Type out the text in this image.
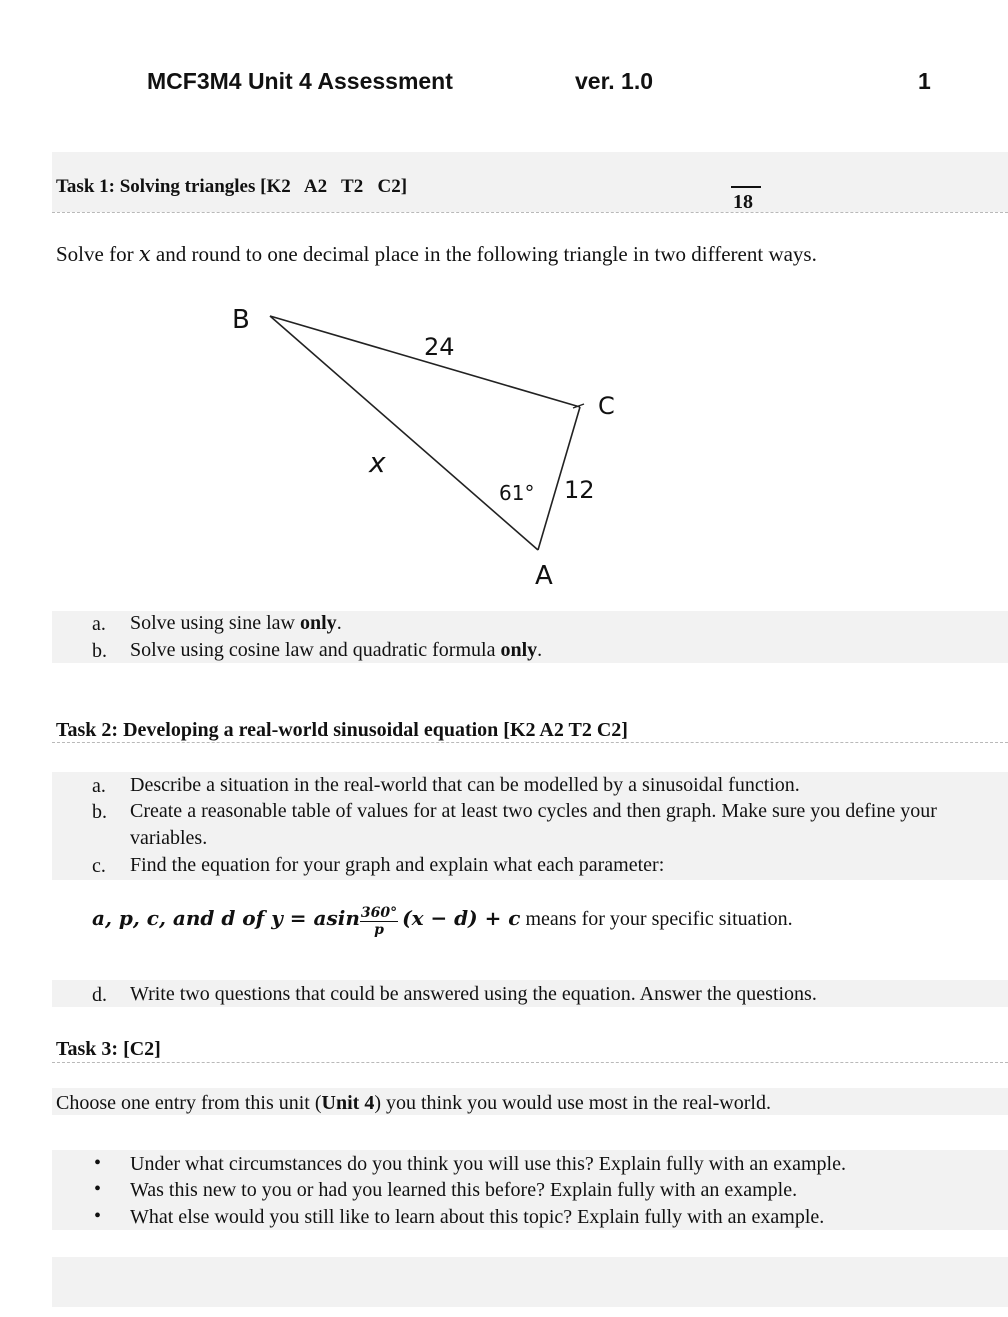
MCF3M4 Unit 4 Assessment	ver. 1.0	1
Task 1: Solving triangles [K2   A2   T2   C2]
18
Solve for x and round to one decimal place in the following triangle in two different ways.
B
C
A
24
x
12
61°
a. Solve using sine law only.
b. Solve using cosine law and quadratic formula only.
Task 2: Developing a real-world sinusoidal equation [K2 A2 T2 C2]
a. Describe a situation in the real-world that can be modelled by a sinusoidal function.
b. Create a reasonable table of values for at least two cycles and then graph. Make sure you define your variables.
c. Find the equation for your graph and explain what each parameter:
a, p, c, and d of y = asin $\frac{360^\circ}{p} (x - d) + c$ means for your specific situation.
d. Write two questions that could be answered using the equation. Answer the questions.
Task 3: [C2]
Choose one entry from this unit (Unit 4) you think you would use most in the real-world.
• Under what circumstances do you think you will use this? Explain fully with an example.
• Was this new to you or had you learned this before? Explain fully with an example.
• What else would you still like to learn about this topic? Explain fully with an example.
